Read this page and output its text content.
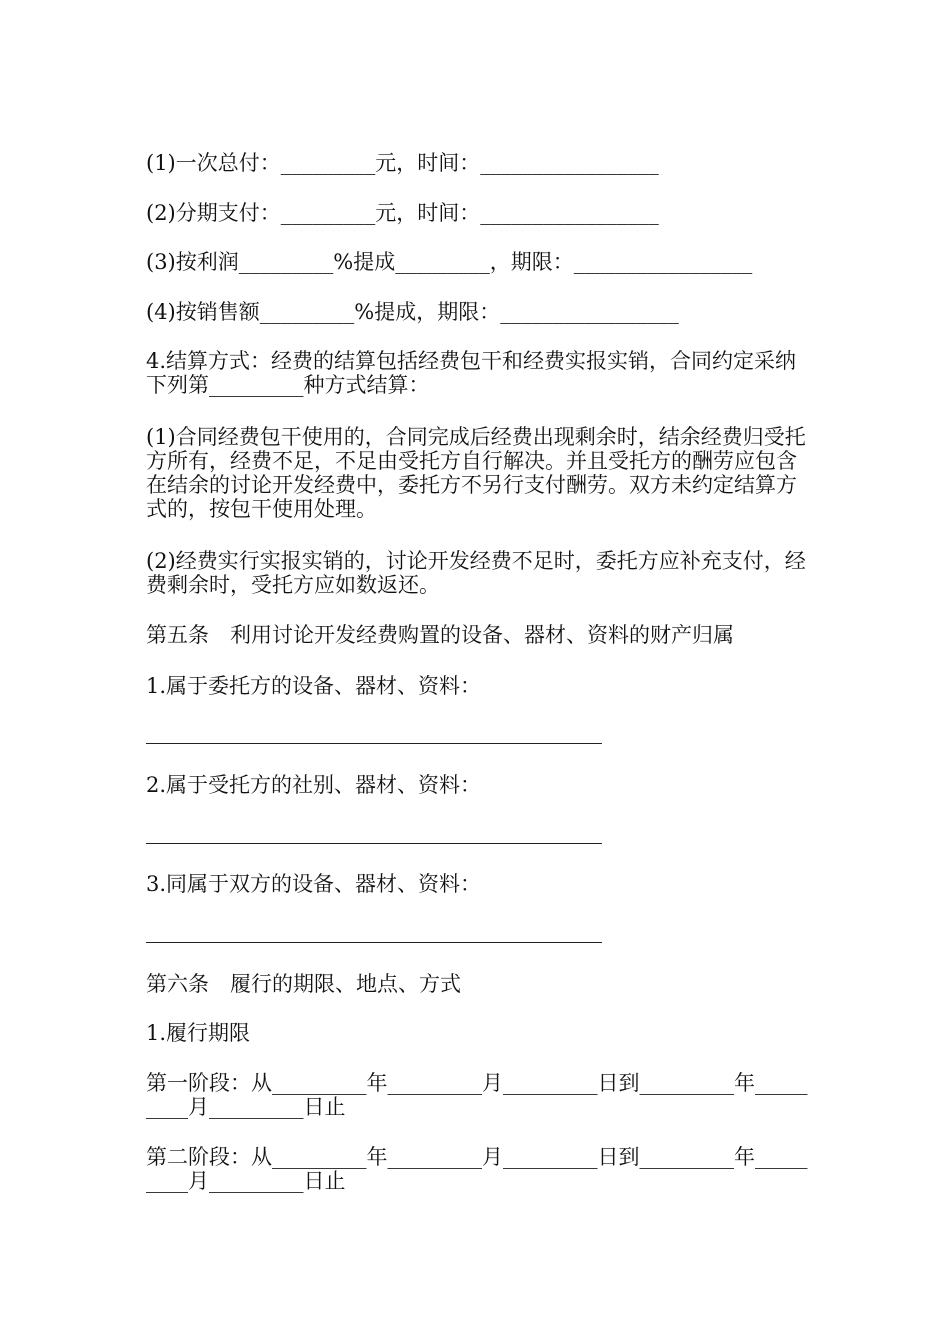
(1)一次总付：_________元，时间：_________________

(2)分期支付：_________元，时间：_________________

(3)按利润_________%提成_________，期限：_________________

(4)按销售额_________%提成，期限：_________________

4.结算方式：经费的结算包括经费包干和经费实报实销，合同约定采纳下列第_________种方式结算：

(1)合同经费包干使用的，合同完成后经费出现剩余时，结余经费归受托方所有，经费不足，不足由受托方自行解决。并且受托方的酬劳应包含在结余的讨论开发经费中，委托方不另行支付酬劳。双方未约定结算方式的，按包干使用处理。

(2)经费实行实报实销的，讨论开发经费不足时，委托方应补充支付，经费剩余时，受托方应如数返还。

第五条　利用讨论开发经费购置的设备、器材、资料的财产归属

1.属于委托方的设备、器材、资料：

2.属于受托方的社别、器材、资料：

3.同属于双方的设备、器材、资料：

第六条　履行的期限、地点、方式

1.履行期限

第一阶段：从_________年_________月_________日到_________年_________月_________日止

第二阶段：从_________年_________月_________日到_________年_________月_________日止
